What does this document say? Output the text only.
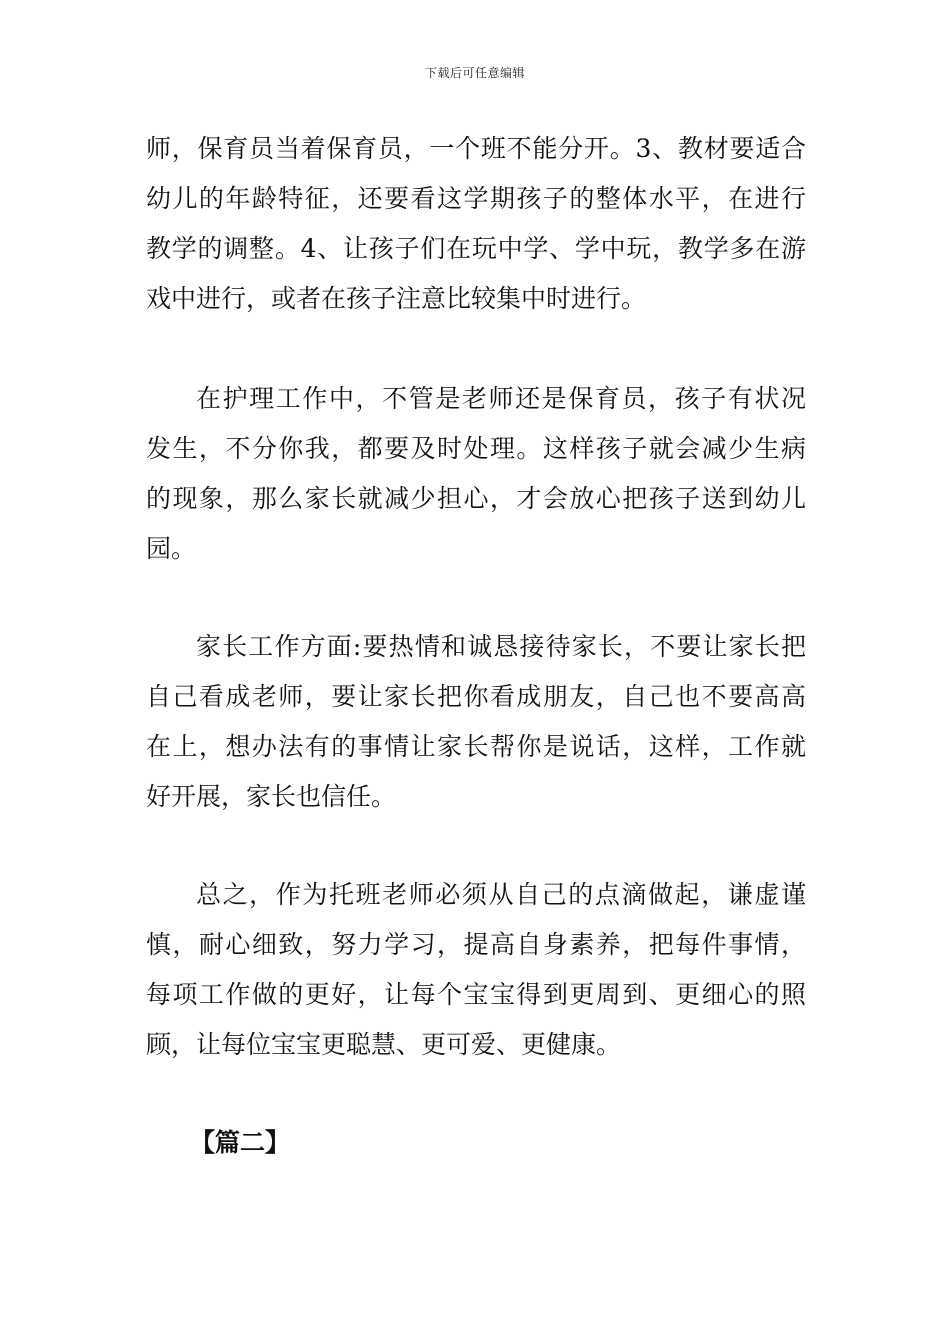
下载后可任意编辑
师，保育员当着保育员，一个班不能分开。3、教材要适合
幼儿的年龄特征，还要看这学期孩子的整体水平，在进行
教学的调整。4、让孩子们在玩中学、学中玩，教学多在游
戏中进行，或者在孩子注意比较集中时进行。
在护理工作中，不管是老师还是保育员，孩子有状况
发生，不分你我，都要及时处理。这样孩子就会减少生病
的现象，那么家长就减少担心，才会放心把孩子送到幼儿
园。
家长工作方面:要热情和诚恳接待家长，不要让家长把
自己看成老师，要让家长把你看成朋友，自己也不要高高
在上，想办法有的事情让家长帮你是说话，这样，工作就
好开展，家长也信任。
总之，作为托班老师必须从自己的点滴做起，谦虚谨
慎，耐心细致，努力学习，提高自身素养，把每件事情，
每项工作做的更好，让每个宝宝得到更周到、更细心的照
顾，让每位宝宝更聪慧、更可爱、更健康。
【篇二】
